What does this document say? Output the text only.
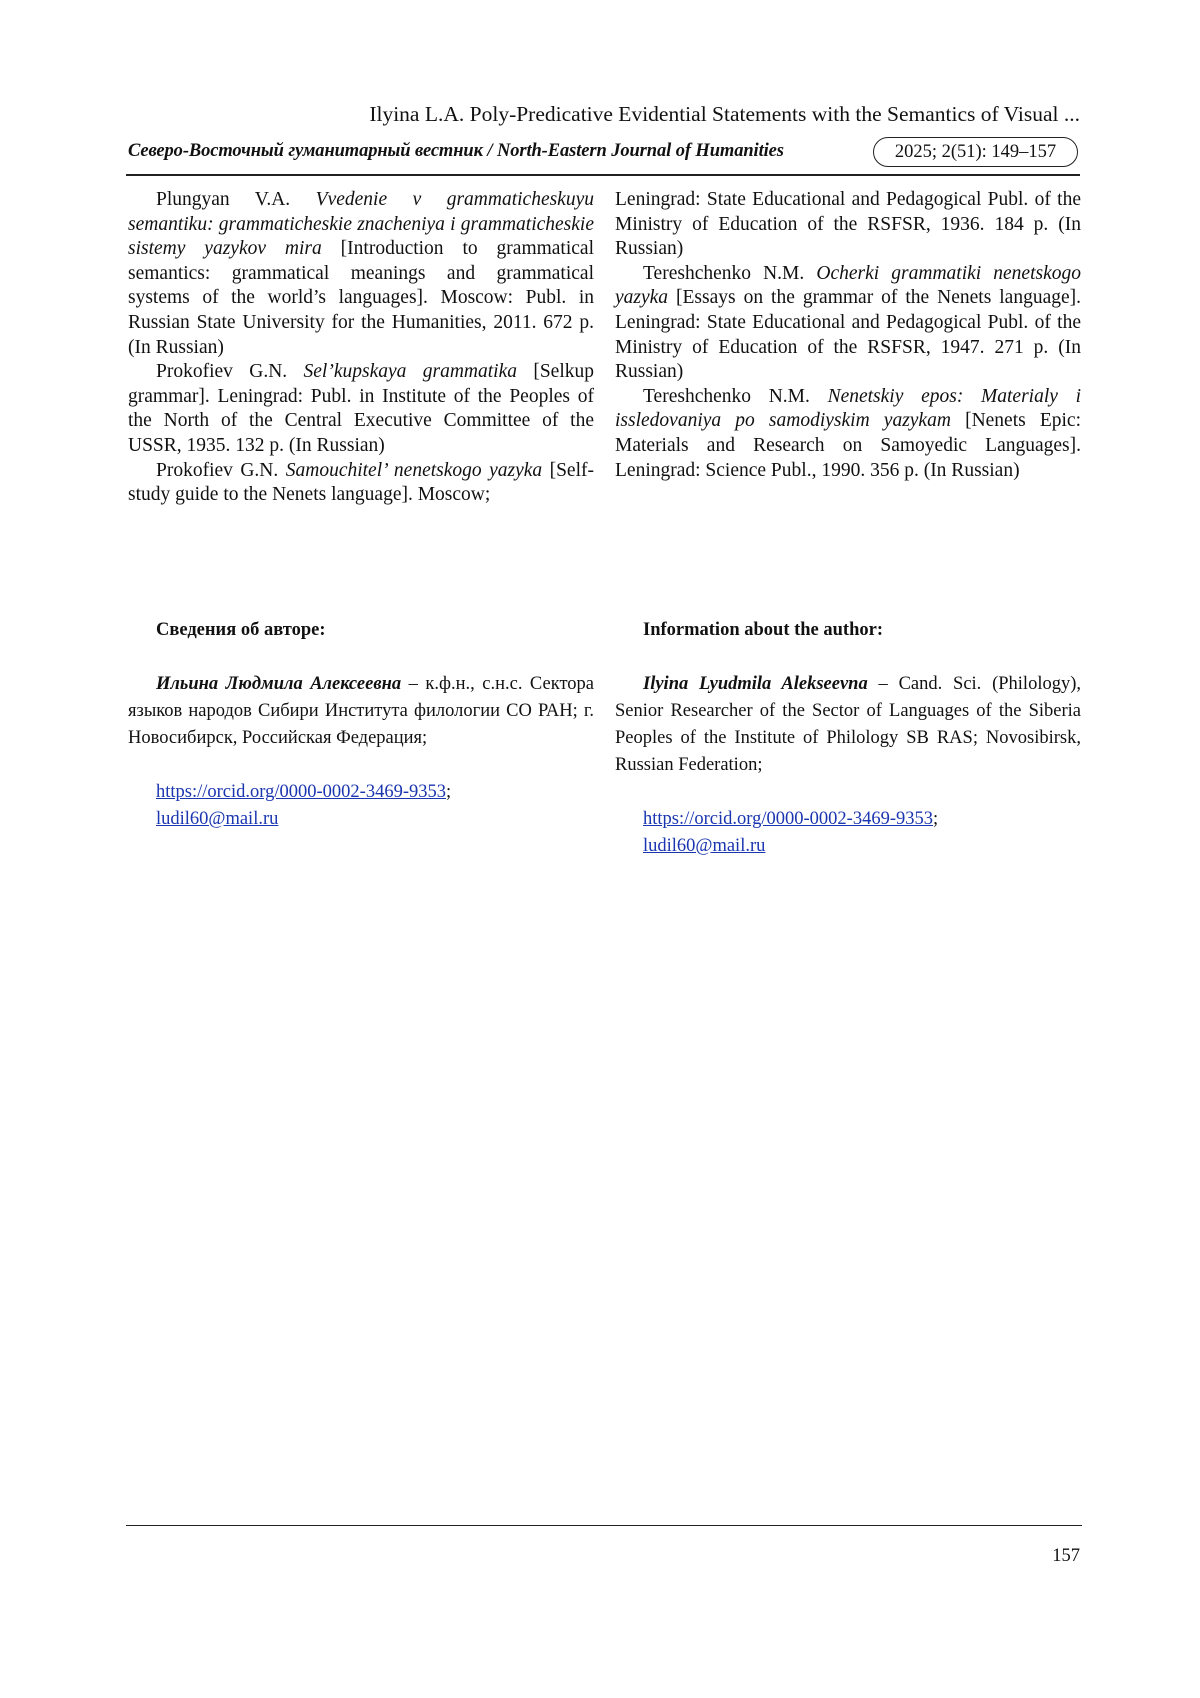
Ilyina L.A. Poly-Predicative Evidential Statements with the Semantics of Visual ...
Северо-Восточный гуманитарный вестник / North-Eastern Journal of Humanities	2025; 2(51): 149–157

Plungyan V.A. Vvedenie v grammaticheskuyu semantiku: grammaticheskie znacheniya i grammaticheskie sistemy yazykov mira [Introduction to grammatical semantics: grammatical meanings and grammatical systems of the world’s languages]. Moscow: Publ. in Russian State University for the Humanities, 2011. 672 p. (In Russian)

Prokofiev G.N. Sel’kupskaya grammatika [Selkup grammar]. Leningrad: Publ. in Institute of the Peoples of the North of the Central Executive Committee of the USSR, 1935. 132 p. (In Russian)

Prokofiev G.N. Samouchitel’ nenetskogo yazyka [Self-study guide to the Nenets language]. Moscow;

Leningrad: State Educational and Pedagogical Publ. of the Ministry of Education of the RSFSR, 1936. 184 p. (In Russian)

Tereshchenko N.M. Ocherki grammatiki nenetskogo yazyka [Essays on the grammar of the Nenets language]. Leningrad: State Educational and Pedagogical Publ. of the Ministry of Education of the RSFSR, 1947. 271 p. (In Russian)

Tereshchenko N.M. Nenetskiy epos: Materialy i issledovaniya po samodiyskim yazykam [Nenets Epic: Materials and Research on Samoyedic Languages]. Leningrad: Science Publ., 1990. 356 p. (In Russian)

Сведения об авторе:

Ильина Людмила Алексеевна – к.ф.н., с.н.с. Сектора языков народов Сибири Института филологии СО РАН; г. Новосибирск, Российская Федерация;

https://orcid.org/0000-0002-3469-9353;
ludil60@mail.ru

Information about the author:

Ilyina Lyudmila Alekseevna – Cand. Sci. (Philology), Senior Researcher of the Sector of Languages of the Siberia Peoples of the Institute of Philology SB RAS; Novosibirsk, Russian Federation;

https://orcid.org/0000-0002-3469-9353;
ludil60@mail.ru
157
